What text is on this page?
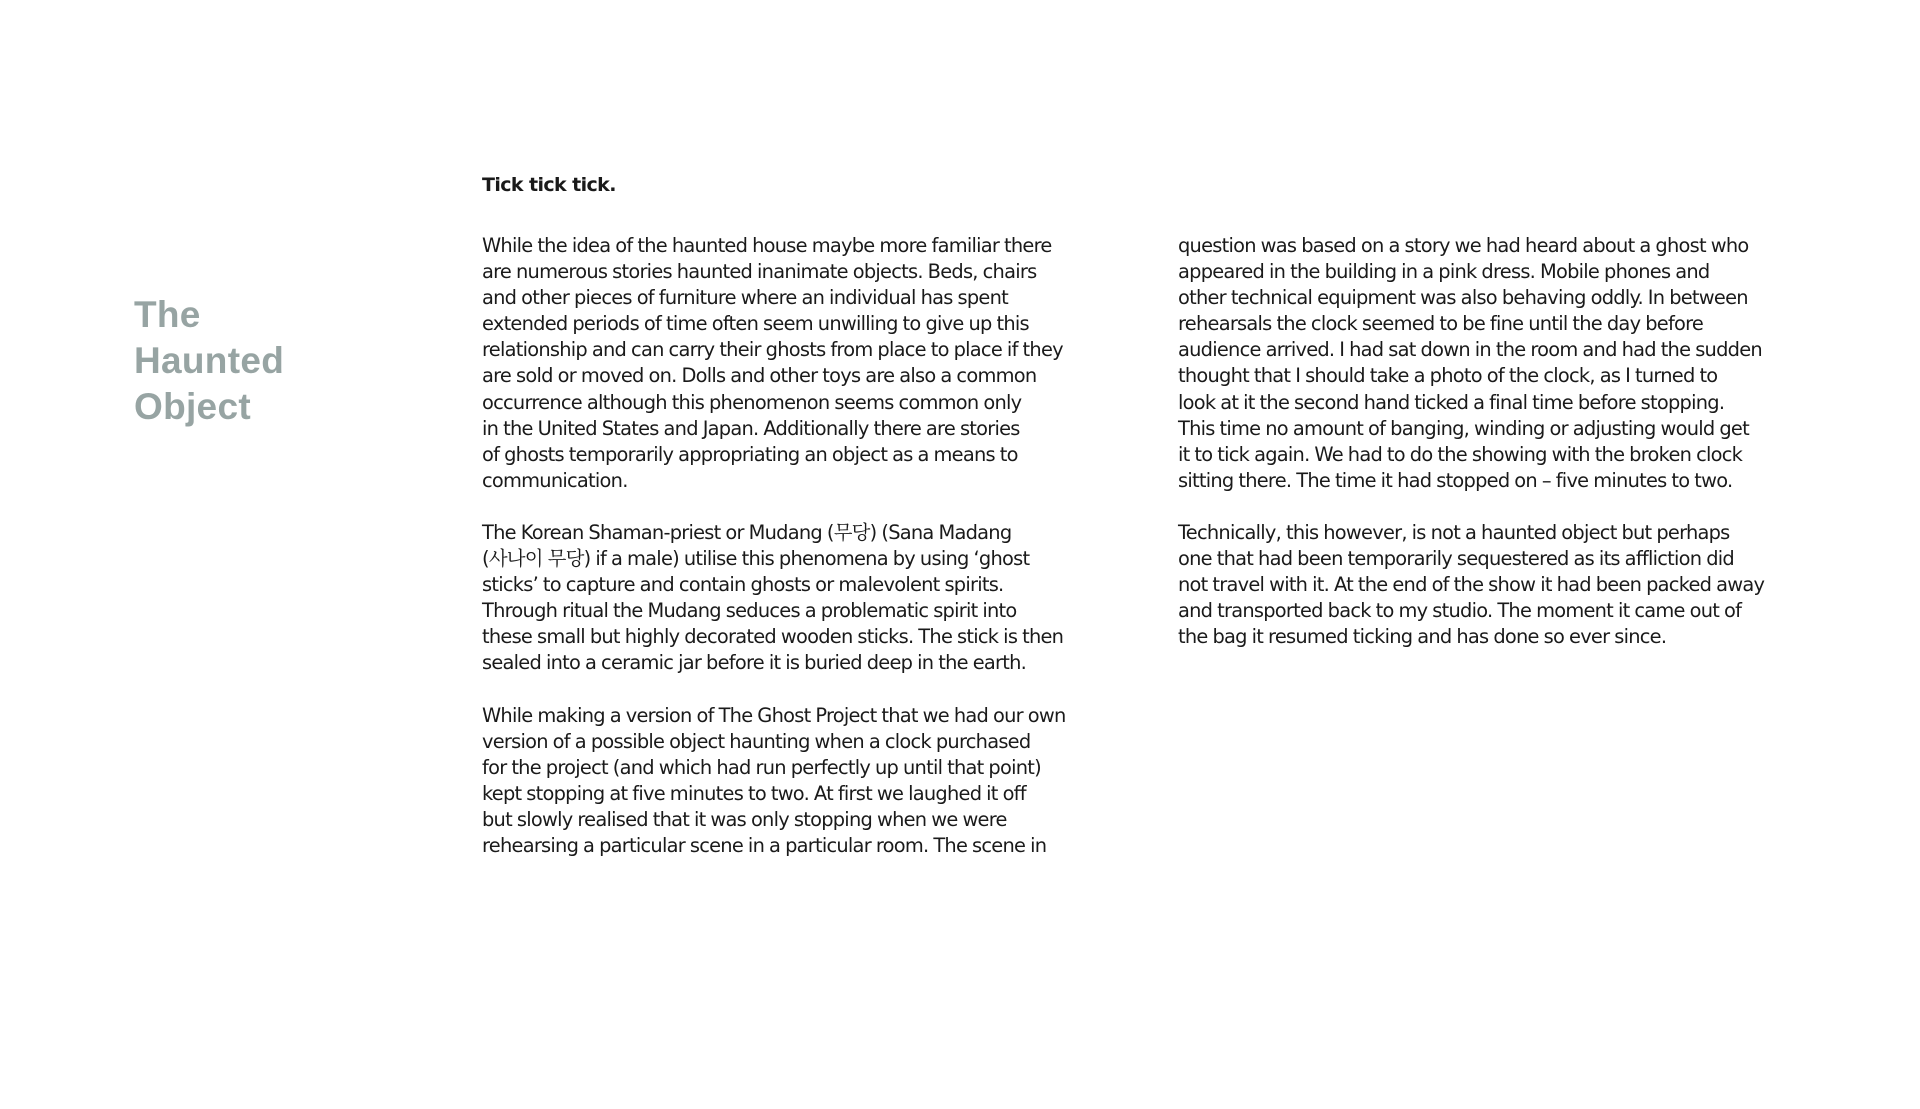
The
Haunted
Object
Tick tick tick.

While the idea of the haunted house maybe more familiar there
are numerous stories haunted inanimate objects. Beds, chairs
and other pieces of furniture where an individual has spent
extended periods of time often seem unwilling to give up this
relationship and can carry their ghosts from place to place if they
are sold or moved on. Dolls and other toys are also a common
occurrence although this phenomenon seems common only
in the United States and Japan. Additionally there are stories
of ghosts temporarily appropriating an object as a means to
communication.

The Korean Shaman-priest or Mudang (무당) (Sana Madang
(사나이 무당) if a male) utilise this phenomena by using ‘ghost
sticks’ to capture and contain ghosts or malevolent spirits.
Through ritual the Mudang seduces a problematic spirit into
these small but highly decorated wooden sticks. The stick is then
sealed into a ceramic jar before it is buried deep in the earth.

While making a version of The Ghost Project that we had our own
version of a possible object haunting when a clock purchased
for the project (and which had run perfectly up until that point)
kept stopping at five minutes to two. At first we laughed it off
but slowly realised that it was only stopping when we were
rehearsing a particular scene in a particular room. The scene in

question was based on a story we had heard about a ghost who
appeared in the building in a pink dress. Mobile phones and
other technical equipment was also behaving oddly. In between
rehearsals the clock seemed to be fine until the day before
audience arrived. I had sat down in the room and had the sudden
thought that I should take a photo of the clock, as I turned to
look at it the second hand ticked a final time before stopping.
This time no amount of banging, winding or adjusting would get
it to tick again. We had to do the showing with the broken clock
sitting there. The time it had stopped on – five minutes to two.

Technically, this however, is not a haunted object but perhaps
one that had been temporarily sequestered as its affliction did
not travel with it. At the end of the show it had been packed away
and transported back to my studio. The moment it came out of
the bag it resumed ticking and has done so ever since.
